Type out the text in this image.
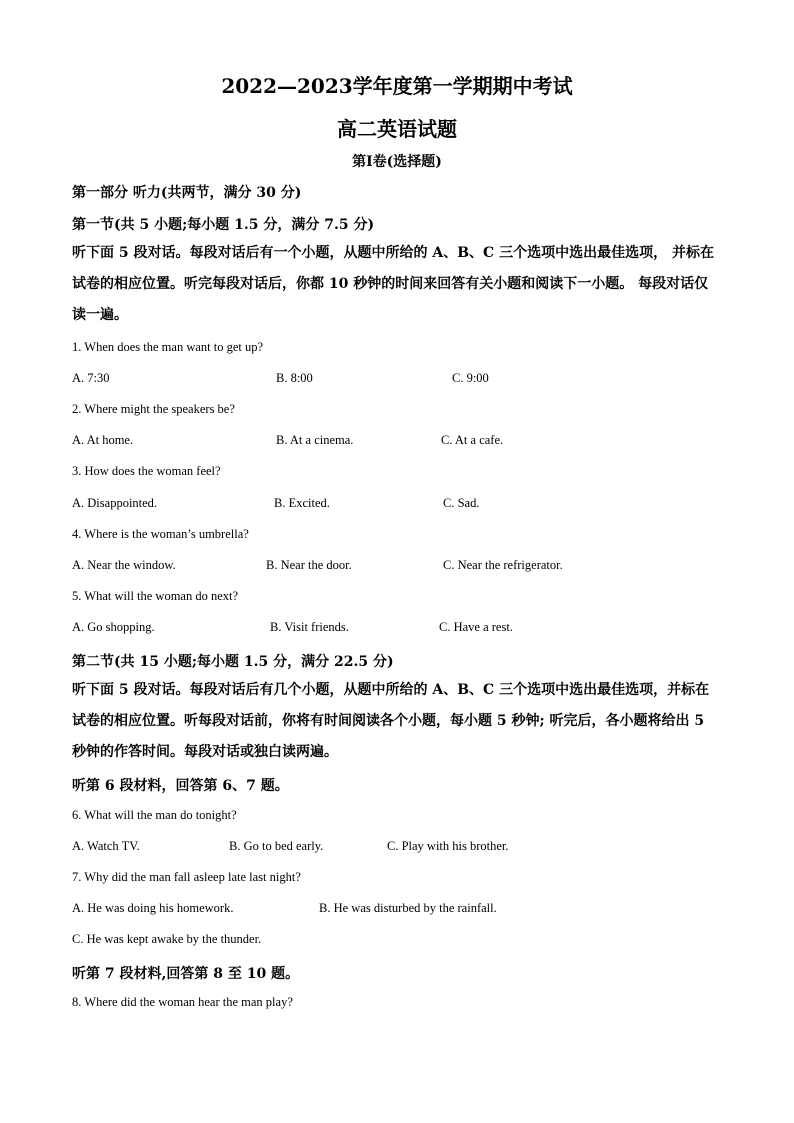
2022—2023学年度第一学期期中考试
高二英语试题
第I卷(选择题)
第一部分 听力(共两节，满分 30 分)
第一节(共 5 小题;每小题 1.5 分，满分 7.5 分)
听下面 5 段对话。每段对话后有一个小题，从题中所给的 A、B、C 三个选项中选出最佳选项， 并标在试卷的相应位置。听完每段对话后，你都 10 秒钟的时间来回答有关小题和阅读下一小题。 每段对话仅读一遍。
1. When does the man want to get up?
A. 7:30	B. 8:00	C. 9:00
2. Where might the speakers be?
A. At home.	B. At a cinema.	C. At a cafe.
3. How does the woman feel?
A. Disappointed.	B. Excited.	C. Sad.
4. Where is the woman’s umbrella?
A. Near the window.	B. Near the door.	C. Near the refrigerator.
5. What will the woman do next?
A. Go shopping.	B. Visit friends.	C. Have a rest.
第二节(共 15 小题;每小题 1.5 分，满分 22.5 分)
听下面 5 段对话。每段对话后有几个小题，从题中所给的 A、B、C 三个选项中选出最佳选项，并标在试卷的相应位置。听每段对话前，你将有时间阅读各个小题，每小题 5 秒钟; 听完后，各小题将给出 5 秒钟的作答时间。每段对话或独白读两遍。
听第 6 段材料，回答第 6、7 题。
6. What will the man do tonight?
A. Watch TV.	B. Go to bed early.	C. Play with his brother.
7. Why did the man fall asleep late last night?
A. He was doing his homework.	B. He was disturbed by the rainfall.
C. He was kept awake by the thunder.
听第 7 段材料,回答第 8 至 10 题。
8. Where did the woman hear the man play?
